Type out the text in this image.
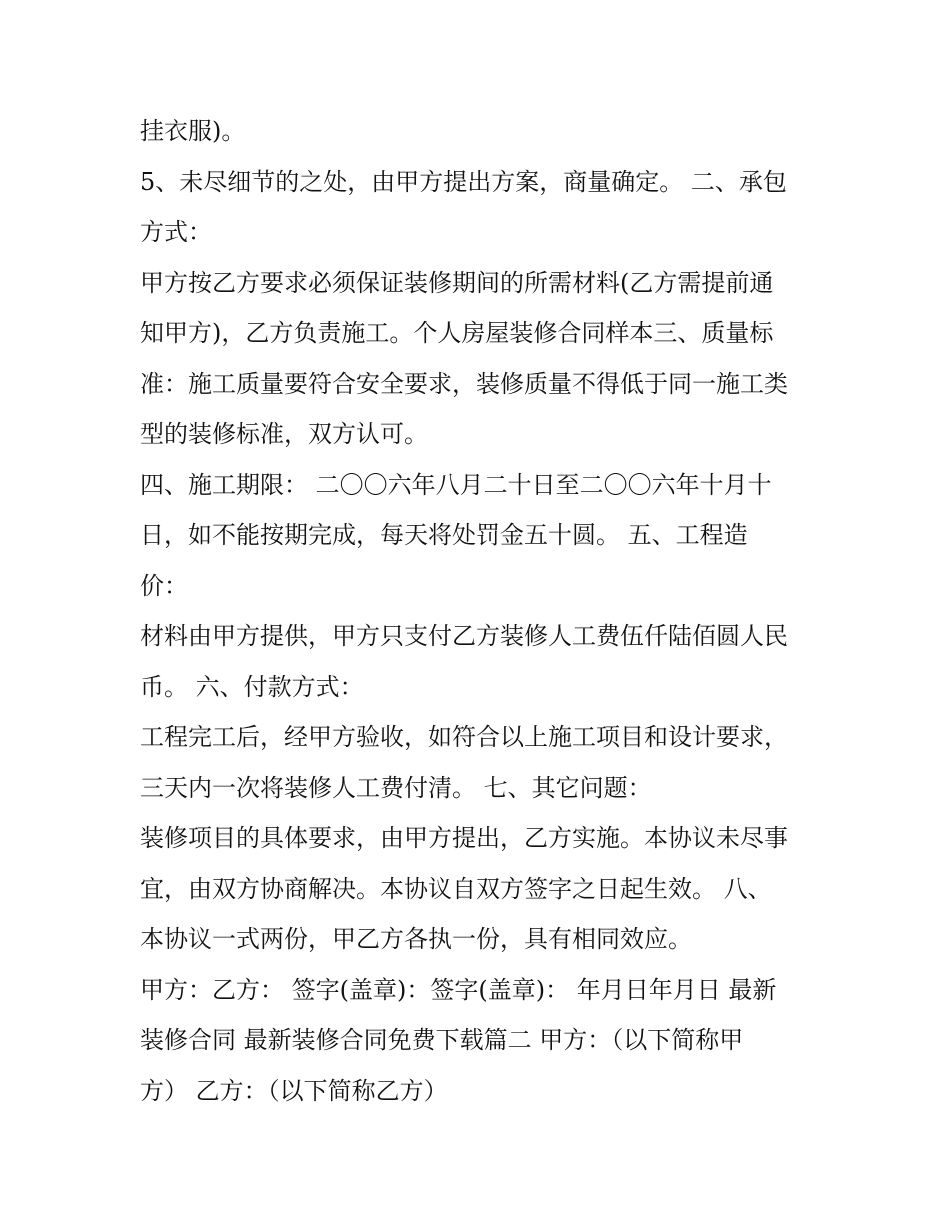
挂衣服)。
5、未尽细节的之处，由甲方提出方案，商量确定。 二、承包
方式：
甲方按乙方要求必须保证装修期间的所需材料(乙方需提前通
知甲方)，乙方负责施工。个人房屋装修合同样本三、质量标
准：施工质量要符合安全要求，装修质量不得低于同一施工类
型的装修标准，双方认可。
四、施工期限： 二〇〇六年八月二十日至二〇〇六年十月十
日，如不能按期完成，每天将处罚金五十圆。 五、工程造
价：
材料由甲方提供，甲方只支付乙方装修人工费伍仟陆佰圆人民
币。 六、付款方式：
工程完工后，经甲方验收，如符合以上施工项目和设计要求，
三天内一次将装修人工费付清。 七、其它问题：
装修项目的具体要求，由甲方提出，乙方实施。本协议未尽事
宜，由双方协商解决。本协议自双方签字之日起生效。 八、
本协议一式两份，甲乙方各执一份，具有相同效应。
甲方：乙方： 签字(盖章)：签字(盖章)： 年月日年月日 最新
装修合同 最新装修合同免费下载篇二 甲方：（以下简称甲
方） 乙方：（以下简称乙方）
